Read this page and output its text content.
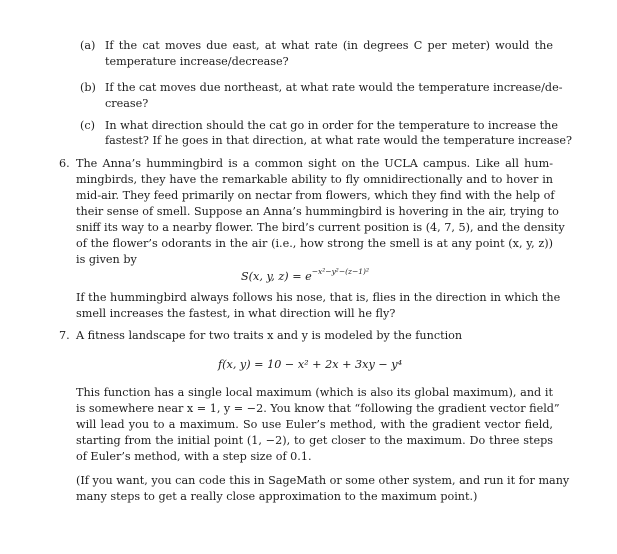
(a) If the cat moves due east, at what rate (in degrees C per meter) would the
temperature increase/decrease?
(b) If the cat moves due northeast, at what rate would the temperature increase/de-
crease?
(c) In what direction should the cat go in order for the temperature to increase the
fastest? If he goes in that direction, at what rate would the temperature increase?
6. The Anna’s hummingbird is a common sight on the UCLA campus. Like all hum-
mingbirds, they have the remarkable ability to fly omnidirectionally and to hover in
mid-air. They feed primarily on nectar from flowers, which they find with the help of
their sense of smell. Suppose an Anna’s hummingbird is hovering in the air, trying to
sniff its way to a nearby flower. The bird’s current position is (4, 7, 5), and the density
of the flower’s odorants in the air (i.e., how strong the smell is at any point (x, y, z))
is given by
S(x, y, $z) = e^{-x^2-y^2-(z-1)^2}$
If the hummingbird always follows his nose, that is, flies in the direction in which the
smell increases the fastest, in what direction will he fly?
7. A fitness landscape for two traits x and y is modeled by the function
f(x, y) = 10 − x² + 2x + 3xy − y⁴
This function has a single local maximum (which is also its global maximum), and it
is somewhere near x = 1, y = −2. You know that “following the gradient vector field”
will lead you to a maximum. So use Euler’s method, with the gradient vector field,
starting from the initial point (1, −2), to get closer to the maximum. Do three steps
of Euler’s method, with a step size of 0.1.
(If you want, you can code this in SageMath or some other system, and run it for many
many steps to get a really close approximation to the maximum point.)
